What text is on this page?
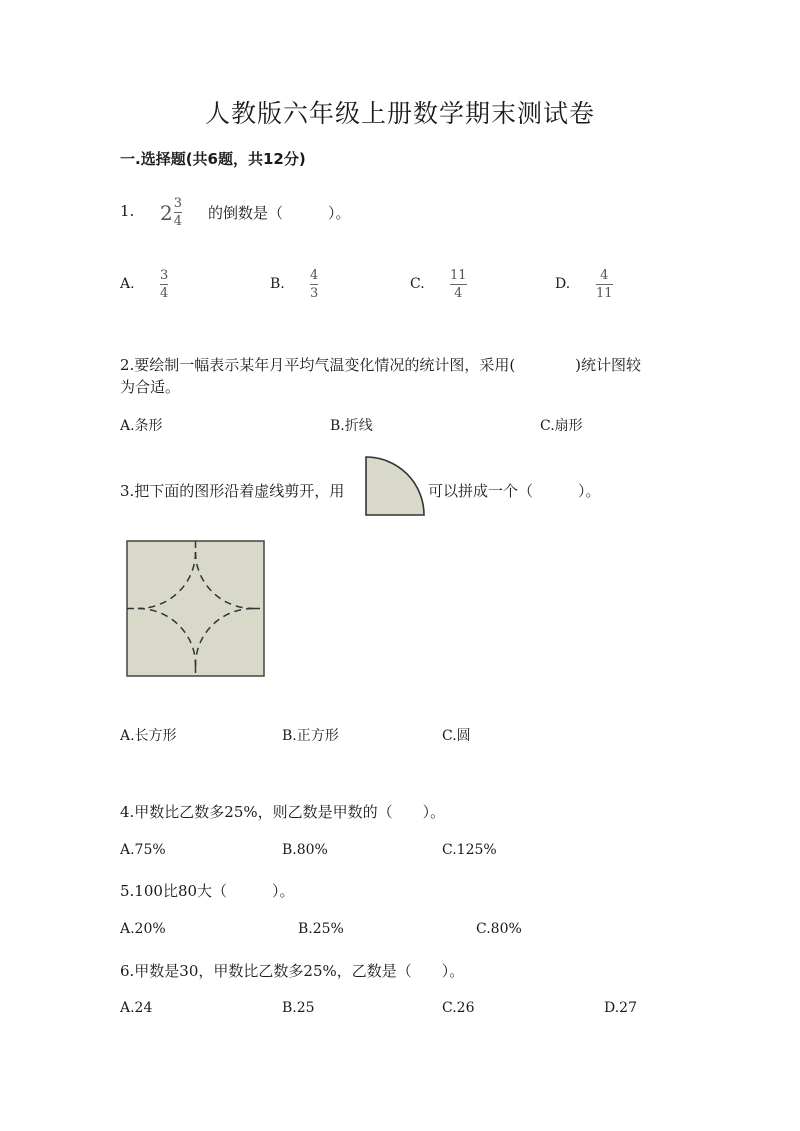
人教版六年级上册数学期末测试卷
一.选择题(共6题，共12分)
1. $2 \frac{3}{4}$ 的倒数是（　　　）。
A.
3
4
B.
4
3
C.
11
4
D.
4
11
2.要绘制一幅表示某年月平均气温变化情况的统计图，采用(　　　　)统计图较
为合适。
A.条形	B.折线	C.扇形
3.把下面的图形沿着虚线剪开，用	可以拼成一个（　　　）。
A.长方形	B.正方形	C.圆
4.甲数比乙数多25%，则乙数是甲数的（　　）。
A.75%	B.80%	C.125%
5.100比80大（　　　）。
A.20%	B.25%	C.80%
6.甲数是30，甲数比乙数多25%，乙数是（　　）。
A.24	B.25	C.26	D.27
